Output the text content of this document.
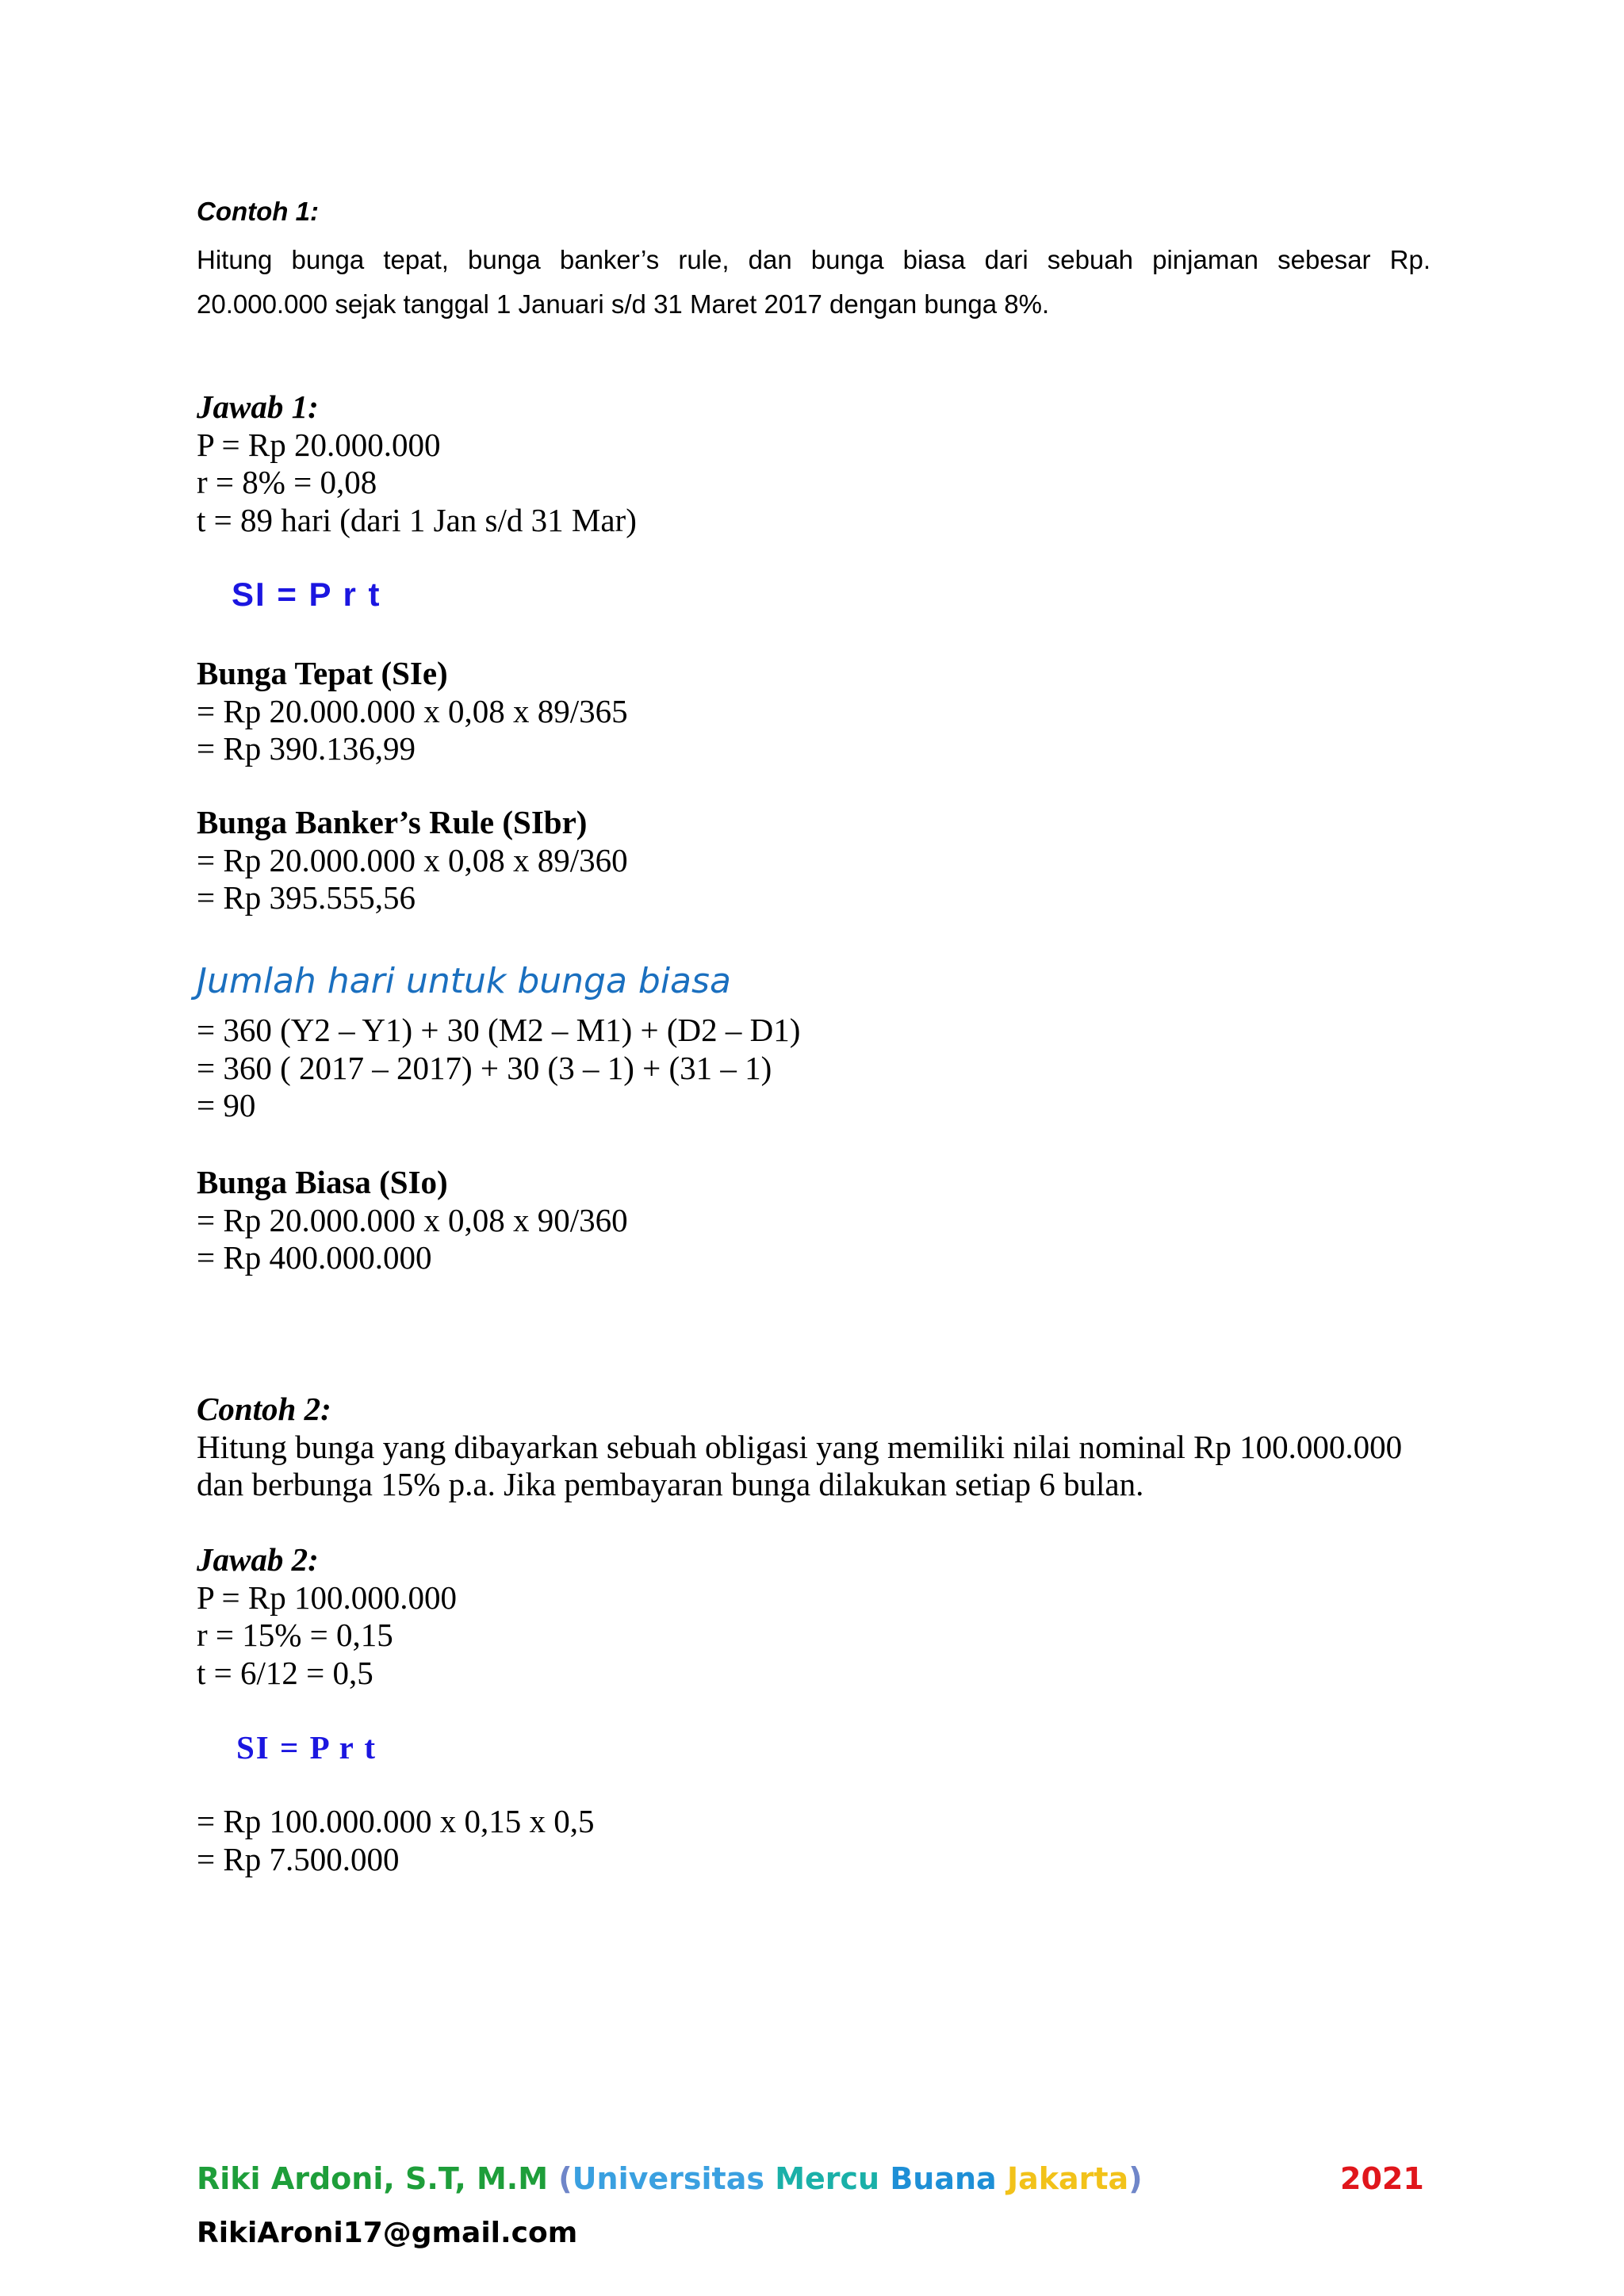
Contoh 1:
Hitung bunga tepat, bunga banker’s rule, dan bunga biasa dari sebuah pinjaman sebesar Rp.
20.000.000 sejak tanggal 1 Januari s/d 31 Maret 2017 dengan bunga 8%.
Jawab 1:
P = Rp 20.000.000
r = 8% = 0,08
t = 89 hari (dari 1 Jan s/d 31 Mar)
SI = P r t
Bunga Tepat (SIe)
= Rp 20.000.000 x 0,08 x 89/365
= Rp 390.136,99
Bunga Banker’s Rule (SIbr)
= Rp 20.000.000 x 0,08 x 89/360
= Rp 395.555,56
Jumlah hari untuk bunga biasa
= 360 (Y2 – Y1) + 30 (M2 – M1) + (D2 – D1)
= 360 ( 2017 – 2017) + 30 (3 – 1) + (31 – 1)
= 90
Bunga Biasa (SIo)
= Rp 20.000.000 x 0,08 x 90/360
= Rp 400.000.000
Contoh 2:
Hitung bunga yang dibayarkan sebuah obligasi yang memiliki nilai nominal Rp 100.000.000
dan berbunga 15% p.a. Jika pembayaran bunga dilakukan setiap 6 bulan.
Jawab 2:
P = Rp 100.000.000
r = 15% = 0,15
t = 6/12 = 0,5
SI = P r t
= Rp 100.000.000 x 0,15 x 0,5
= Rp 7.500.000
Riki Ardoni, S.T, M.M (Universitas Mercu Buana Jakarta)	2021
RikiAroni17@gmail.com
